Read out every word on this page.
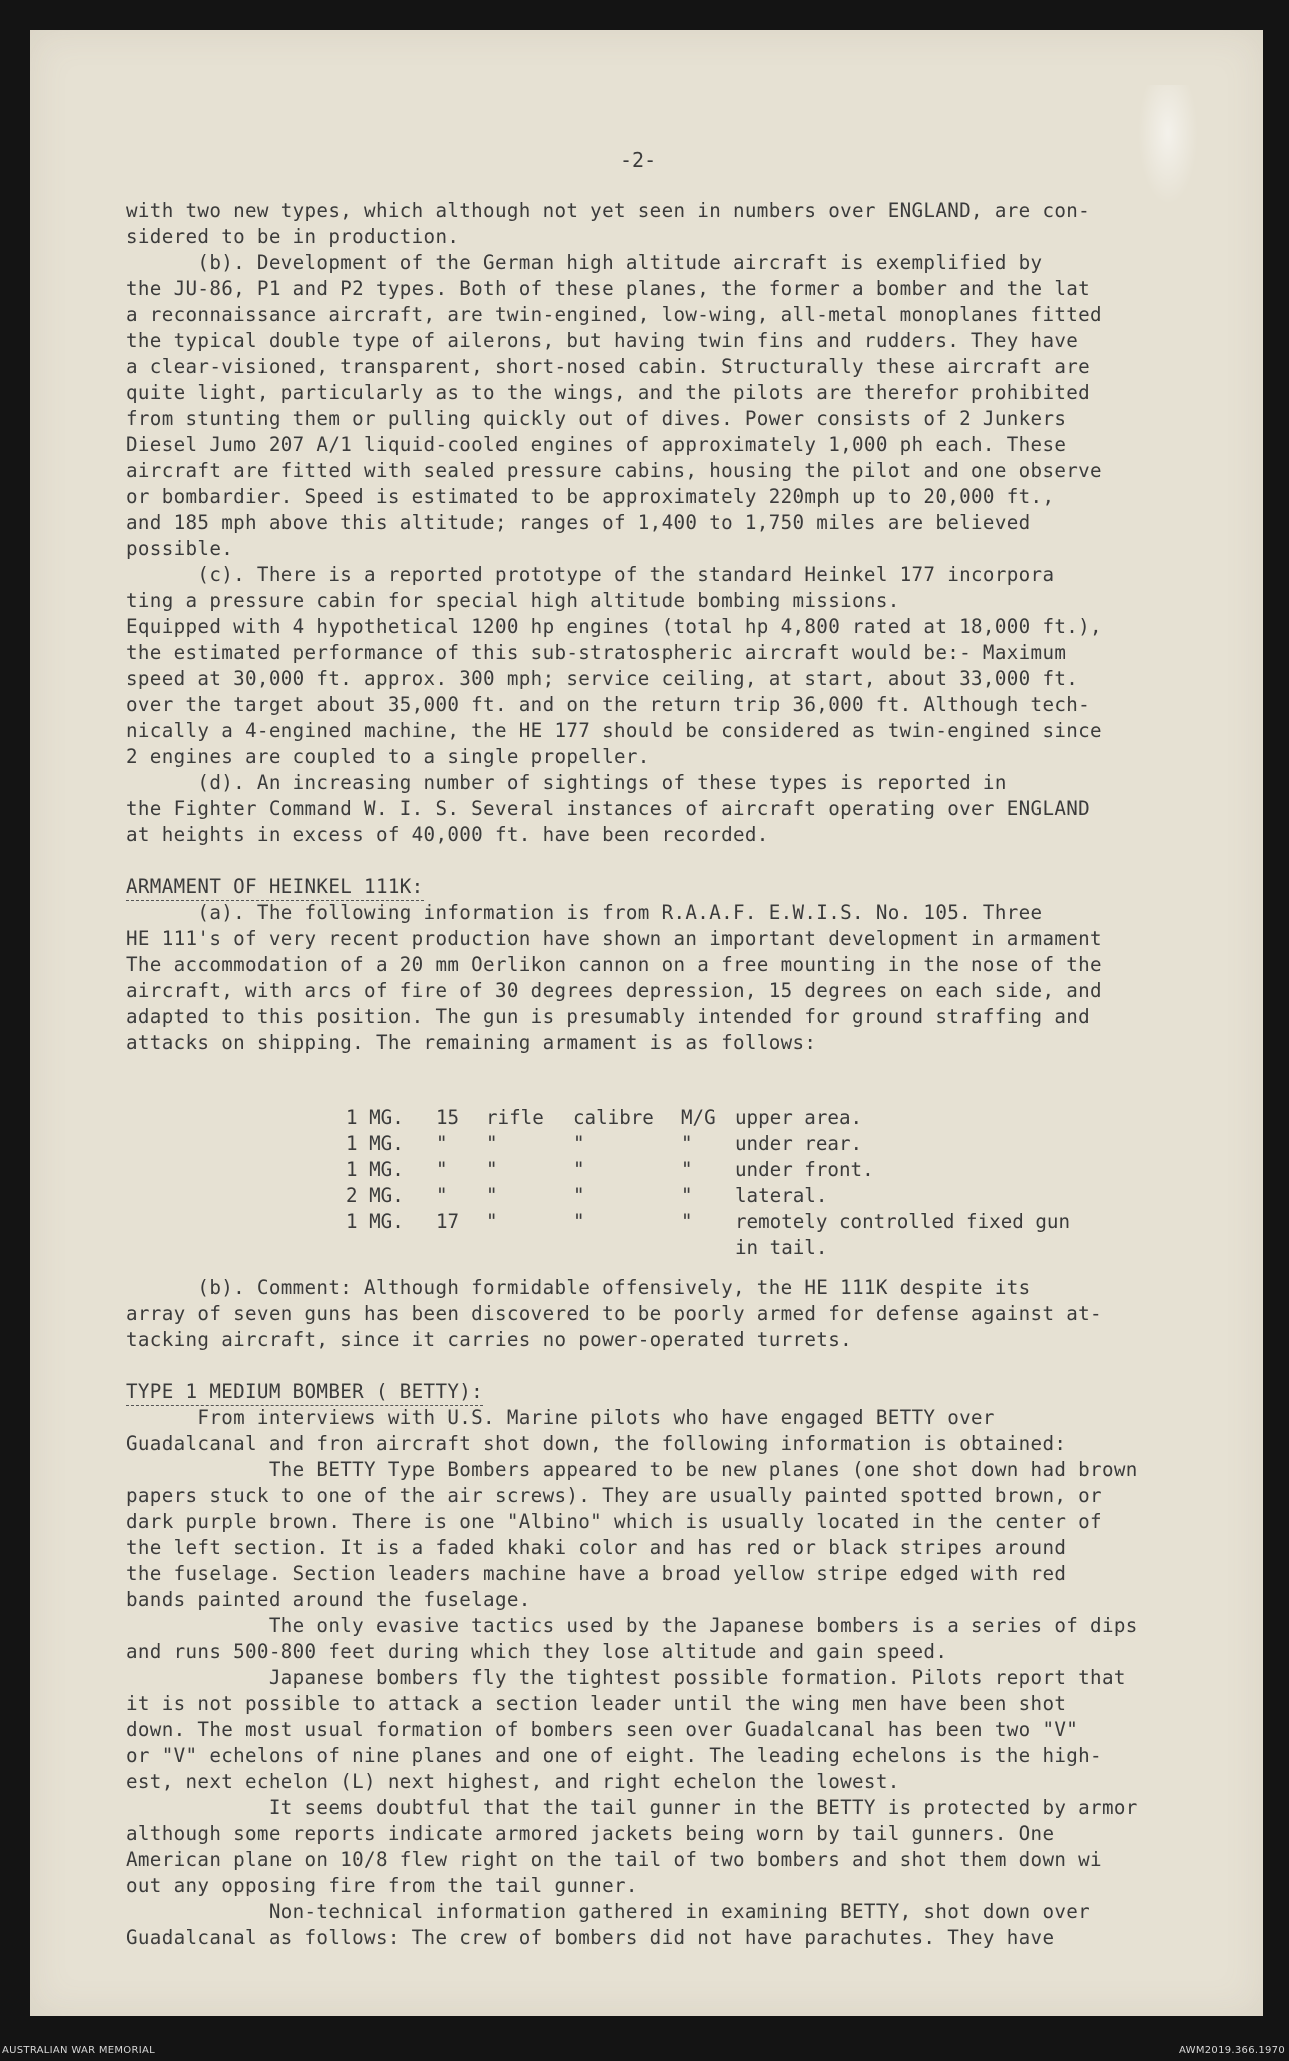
-2-
with two new types, which although not yet seen in numbers over ENGLAND, are con-
sidered to be in production.
(b). Development of the German high altitude aircraft is exemplified by
the JU-86, P1 and P2 types. Both of these planes, the former a bomber and the lat
a reconnaissance aircraft, are twin-engined, low-wing, all-metal monoplanes fitted
the typical double type of ailerons, but having twin fins and rudders. They have
a clear-visioned, transparent, short-nosed cabin. Structurally these aircraft are
quite light, particularly as to the wings, and the pilots are therefor prohibited
from stunting them or pulling quickly out of dives. Power consists of 2 Junkers
Diesel Jumo 207 A/1 liquid-cooled engines of approximately 1,000 ph each. These
aircraft are fitted with sealed pressure cabins, housing the pilot and one observe
or bombardier. Speed is estimated to be approximately 220mph up to 20,000 ft.,
and 185 mph above this altitude; ranges of 1,400 to 1,750 miles are believed
possible.
(c). There is a reported prototype of the standard Heinkel 177 incorpora
ting a pressure cabin for special high altitude bombing missions.
Equipped with 4 hypothetical 1200 hp engines (total hp 4,800 rated at 18,000 ft.),
the estimated performance of this sub-stratospheric aircraft would be:- Maximum
speed at 30,000 ft. approx. 300 mph; service ceiling, at start, about 33,000 ft.
over the target about 35,000 ft. and on the return trip 36,000 ft. Although tech-
nically a 4-engined machine, the HE 177 should be considered as twin-engined since
2 engines are coupled to a single propeller.
(d). An increasing number of sightings of these types is reported in
the Fighter Command W. I. S. Several instances of aircraft operating over ENGLAND
at heights in excess of 40,000 ft. have been recorded.
ARMAMENT OF HEINKEL 111K:
(a). The following information is from R.A.A.F. E.W.I.S. No. 105. Three
HE 111's of very recent production have shown an important development in armament
The accommodation of a 20 mm Oerlikon cannon on a free mounting in the nose of the
aircraft, with arcs of fire of 30 degrees depression, 15 degrees on each side, and
adapted to this position. The gun is presumably intended for ground straffing and
attacks on shipping. The remaining armament is as follows:
1 MG. 15 rifle calibre M/G upper area.
1 MG. " "	"	" under rear.
1 MG. " "	"	" under front.
2 MG. " "	"	" lateral.
1 MG. 17 "	"	" remotely controlled fixed gun
in tail.
(b). Comment: Although formidable offensively, the HE 111K despite its
array of seven guns has been discovered to be poorly armed for defense against at-
tacking aircraft, since it carries no power-operated turrets.
TYPE 1 MEDIUM BOMBER ( BETTY):
From interviews with U.S. Marine pilots who have engaged BETTY over
Guadalcanal and fron aircraft shot down, the following information is obtained:
The BETTY Type Bombers appeared to be new planes (one shot down had brown
papers stuck to one of the air screws). They are usually painted spotted brown, or
dark purple brown. There is one "Albino" which is usually located in the center of
the left section. It is a faded khaki color and has red or black stripes around
the fuselage. Section leaders machine have a broad yellow stripe edged with red
bands painted around the fuselage.
The only evasive tactics used by the Japanese bombers is a series of dips
and runs 500-800 feet during which they lose altitude and gain speed.
Japanese bombers fly the tightest possible formation. Pilots report that
it is not possible to attack a section leader until the wing men have been shot
down. The most usual formation of bombers seen over Guadalcanal has been two "V"
or "V" echelons of nine planes and one of eight. The leading echelons is the high-
est, next echelon (L) next highest, and right echelon the lowest.
It seems doubtful that the tail gunner in the BETTY is protected by armor
although some reports indicate armored jackets being worn by tail gunners. One
American plane on 10/8 flew right on the tail of two bombers and shot them down wi
out any opposing fire from the tail gunner.
Non-technical information gathered in examining BETTY, shot down over
Guadalcanal as follows: The crew of bombers did not have parachutes. They have
AUSTRALIAN WAR MEMORIAL	AWM2019.366.1970
